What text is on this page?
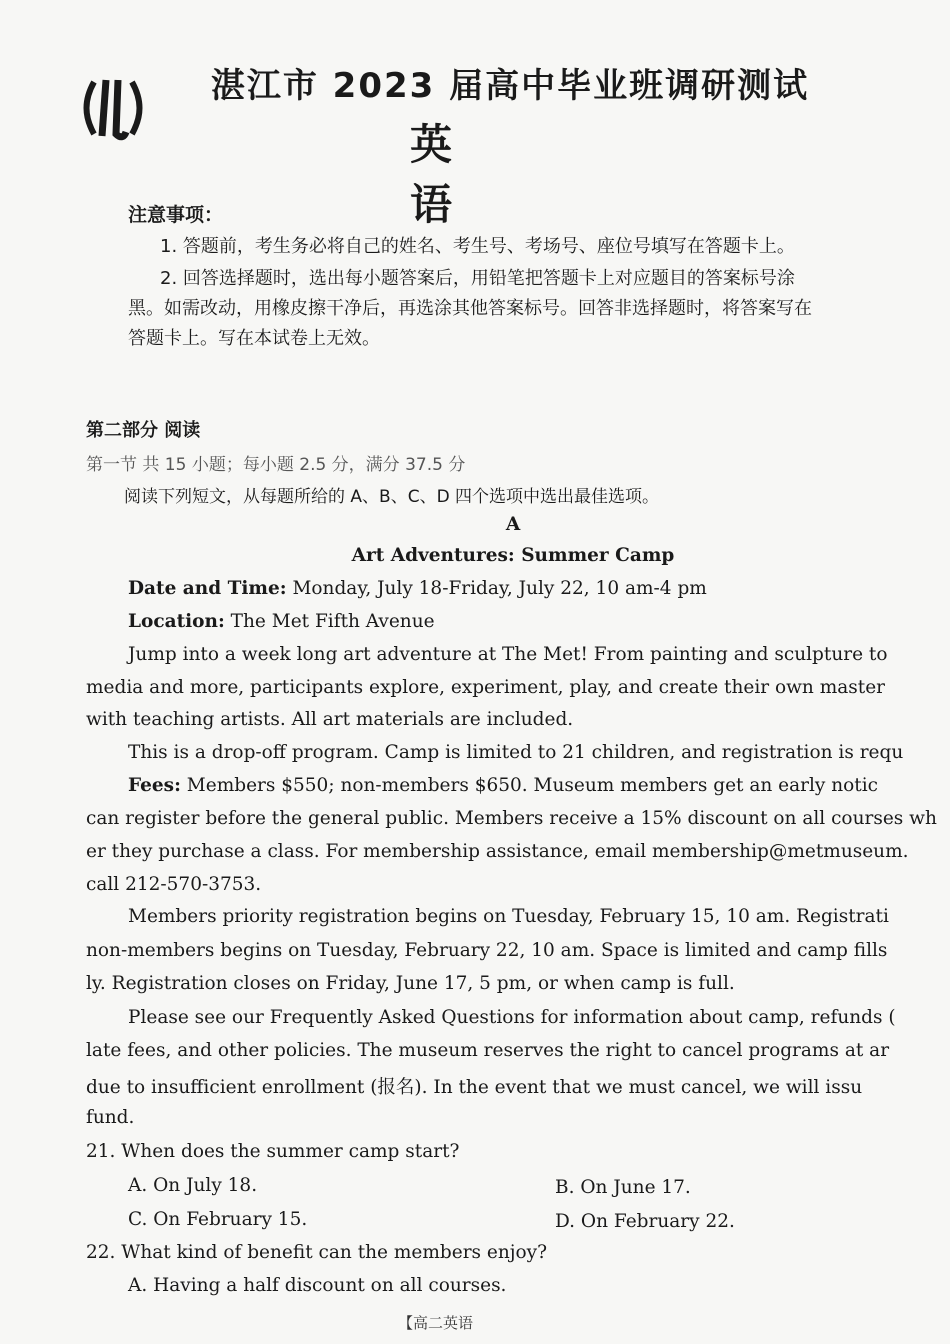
湛江市 2023 届高中毕业班调研测试
英语
注意事项：
1. 答题前，考生务必将自己的姓名、考生号、考场号、座位号填写在答题卡上。
2. 回答选择题时，选出每小题答案后，用铅笔把答题卡上对应题目的答案标号涂
黑。如需改动，用橡皮擦干净后，再选涂其他答案标号。回答非选择题时，将答案写在
答题卡上。写在本试卷上无效。
第二部分 阅读
第一节 共 15 小题；每小题 2.5 分，满分 37.5 分
阅读下列短文，从每题所给的 A、B、C、D 四个选项中选出最佳选项。
A
Art Adventures: Summer Camp
Date and Time: Monday, July 18-Friday, July 22, 10 am-4 pm
Location: The Met Fifth Avenue
Jump into a week long art adventure at The Met! From painting and sculpture to
media and more, participants explore, experiment, play, and create their own master
with teaching artists. All art materials are included.
This is a drop-off program. Camp is limited to 21 children, and registration is requ
Fees: Members $550; non-members $650. Museum members get an early notic
can register before the general public. Members receive a 15% discount on all courses wh
er they purchase a class. For membership assistance, email membership@metmuseum.
call 212-570-3753.
Members priority registration begins on Tuesday, February 15, 10 am. Registrati
non-members begins on Tuesday, February 22, 10 am. Space is limited and camp fills
ly. Registration closes on Friday, June 17, 5 pm, or when camp is full.
Please see our Frequently Asked Questions for information about camp, refunds (
late fees, and other policies. The museum reserves the right to cancel programs at ar
due to insufficient enrollment (报名). In the event that we must cancel, we will issu
fund.
21. When does the summer camp start?
A. On July 18.	B. On June 17.
C. On February 15.	D. On February 22.
22. What kind of benefit can the members enjoy?
A. Having a half discount on all courses.
【高二英语
